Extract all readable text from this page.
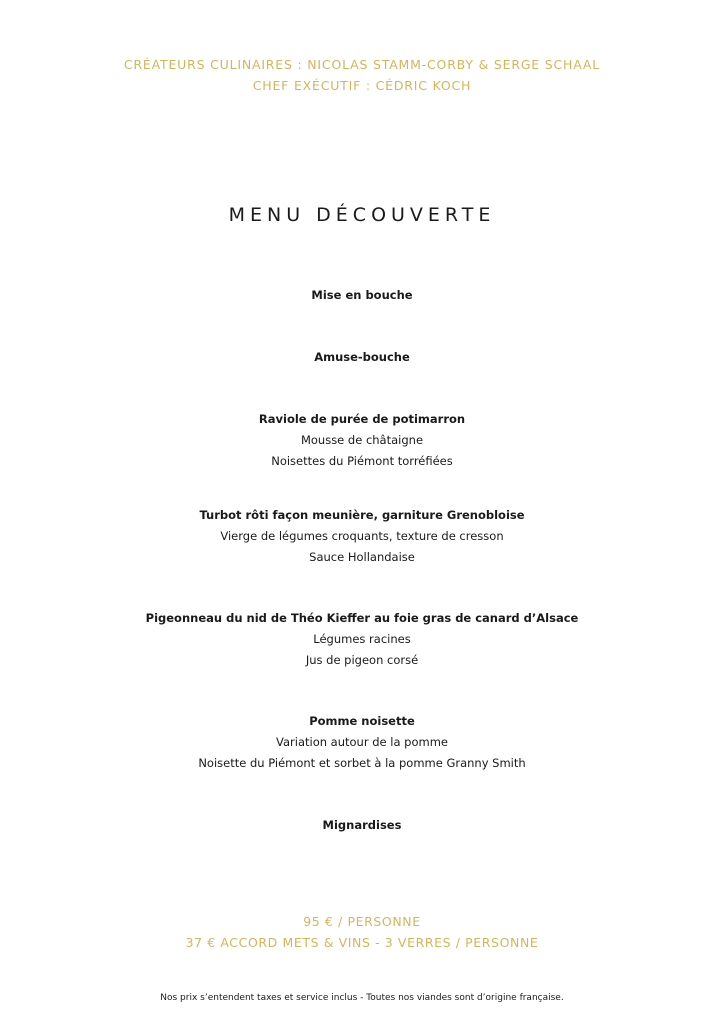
CRÉATEURS CULINAIRES : NICOLAS STAMM-CORBY & SERGE SCHAAL
CHEF EXÉCUTIF : CÉDRIC KOCH
MENU DÉCOUVERTE
Mise en bouche
Amuse-bouche
Raviole de purée de potimarron
Mousse de châtaigne
Noisettes du Piémont torréfiées
Turbot rôti façon meunière, garniture Grenobloise
Vierge de légumes croquants, texture de cresson
Sauce Hollandaise
Pigeonneau du nid de Théo Kieffer au foie gras de canard d’Alsace
Légumes racines
Jus de pigeon corsé
Pomme noisette
Variation autour de la pomme
Noisette du Piémont et sorbet à la pomme Granny Smith
Mignardises
95 € / PERSONNE
37 € ACCORD METS & VINS - 3 VERRES / PERSONNE
Nos prix s’entendent taxes et service inclus - Toutes nos viandes sont d’origine française.
